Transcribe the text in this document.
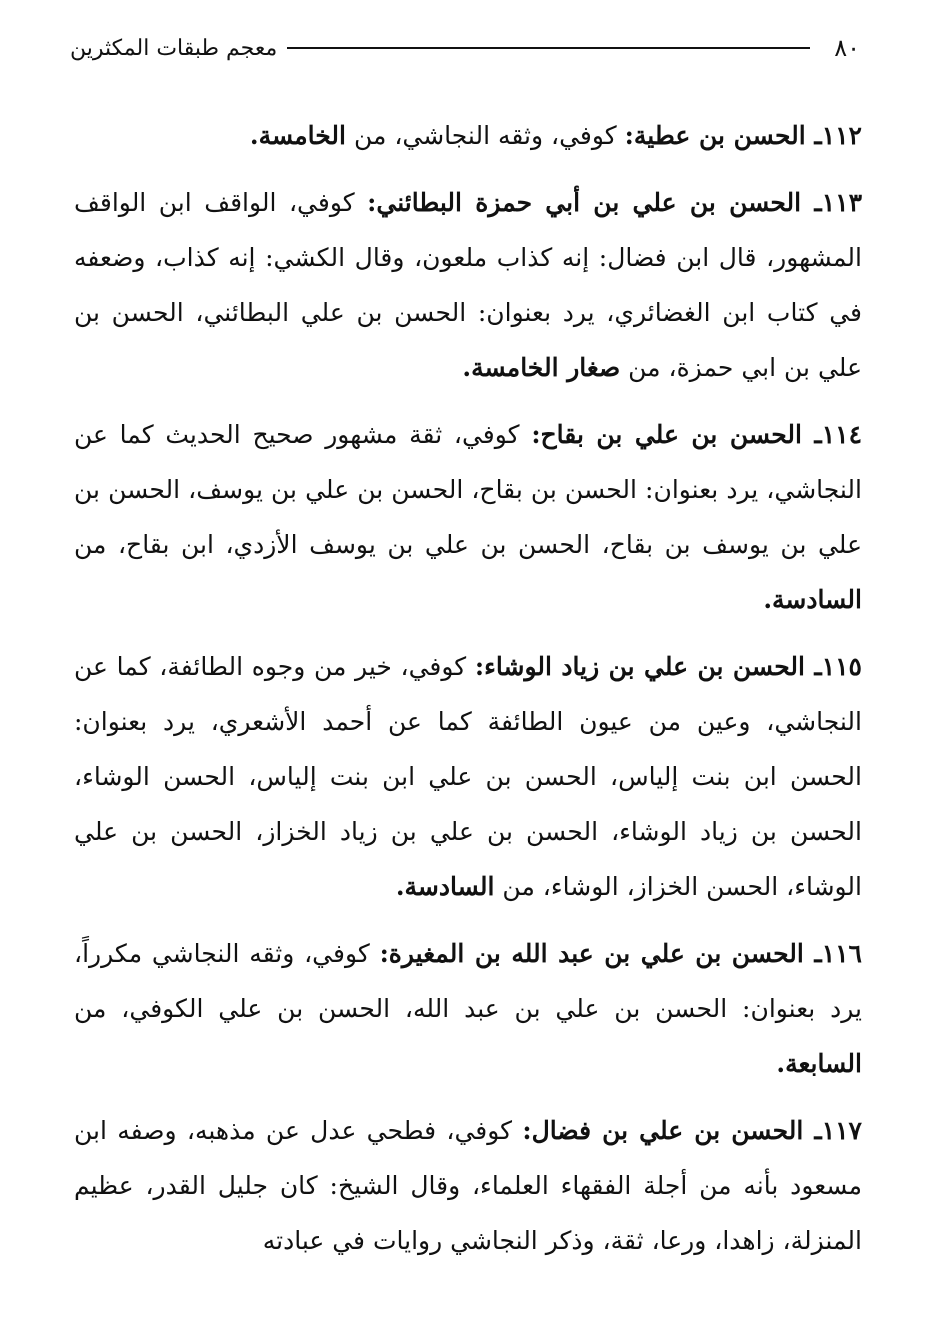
٨٠
معجم طبقات المكثرين

١١٢ـ الحسن بن عطية: كوفي، وثقه النجاشي، من الخامسة.

١١٣ـ الحسن بن علي بن أبي حمزة البطائني: كوفي، الواقف ابن الواقف المشهور، قال ابن فضال: إنه كذاب ملعون، وقال الكشي: إنه كذاب، وضعفه في كتاب ابن الغضائري، يرد بعنوان: الحسن بن علي البطائني، الحسن بن علي بن ابي حمزة، من صغار الخامسة.

١١٤ـ الحسن بن علي بن بقاح: كوفي، ثقة مشهور صحيح الحديث كما عن النجاشي، يرد بعنوان: الحسن بن بقاح، الحسن بن علي بن يوسف، الحسن بن علي بن يوسف بن بقاح، الحسن بن علي بن يوسف الأزدي، ابن بقاح، من السادسة.

١١٥ـ الحسن بن علي بن زياد الوشاء: كوفي، خير من وجوه الطائفة، كما عن النجاشي، وعين من عيون الطائفة كما عن أحمد الأشعري، يرد بعنوان: الحسن ابن بنت إلياس، الحسن بن علي ابن بنت إلياس، الحسن الوشاء، الحسن بن زياد الوشاء، الحسن بن علي بن زياد الخزاز، الحسن بن علي الوشاء، الحسن الخزاز، الوشاء، من السادسة.

١١٦ـ الحسن بن علي بن عبد الله بن المغيرة: كوفي، وثقه النجاشي مكرراً، يرد بعنوان: الحسن بن علي بن عبد الله، الحسن بن علي الكوفي، من السابعة.

١١٧ـ الحسن بن علي بن فضال: كوفي، فطحي عدل عن مذهبه، وصفه ابن مسعود بأنه من أجلة الفقهاء العلماء، وقال الشيخ: كان جليل القدر، عظيم المنزلة، زاهدا، ورعا، ثقة، وذكر النجاشي روايات في عبادته
